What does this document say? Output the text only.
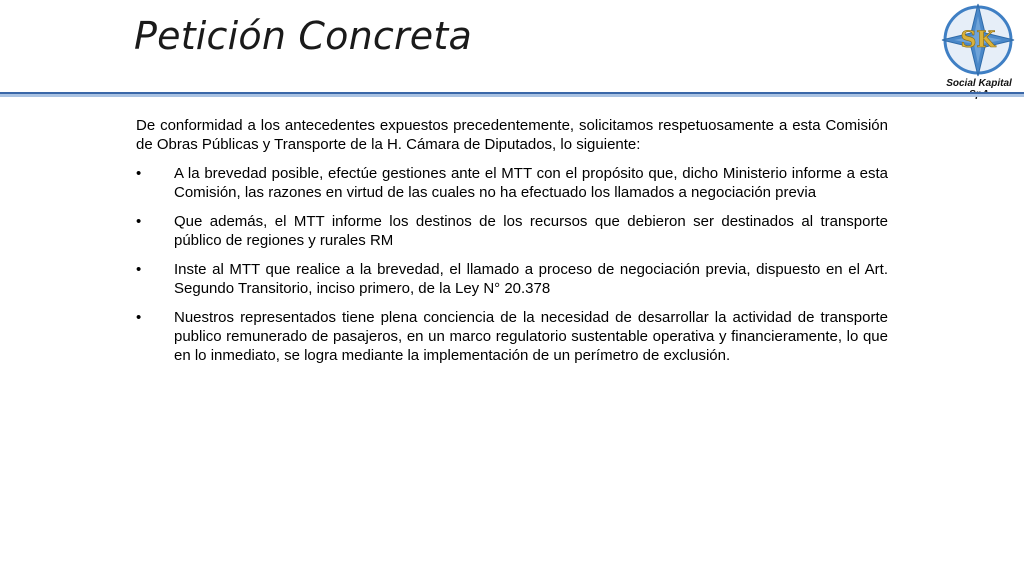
Petición Concreta	SK
Social Kapital

De conformidad a los antecedentes expuestos precedentemente, solicitamos respetuosamente a esta Comisión de Obras Públicas y Transporte de la H. Cámara de Diputados, lo siguiente:

• A la brevedad posible, efectúe gestiones ante el MTT con el propósito que, dicho Ministerio informe a esta Comisión, las razones en virtud de las cuales no ha efectuado los llamados a negociación previa
• Que además, el MTT informe los destinos de los recursos que debieron ser destinados al transporte público de regiones y rurales RM
• Inste al MTT que realice a la brevedad, el llamado a proceso de negociación previa, dispuesto en el Art. Segundo Transitorio, inciso primero, de la Ley N° 20.378
• Nuestros representados tiene plena conciencia de la necesidad de desarrollar la actividad de transporte publico remunerado de pasajeros, en un marco regulatorio sustentable operativa y financieramente, lo que en lo inmediato, se logra mediante la implementación de un perímetro de exclusión.
